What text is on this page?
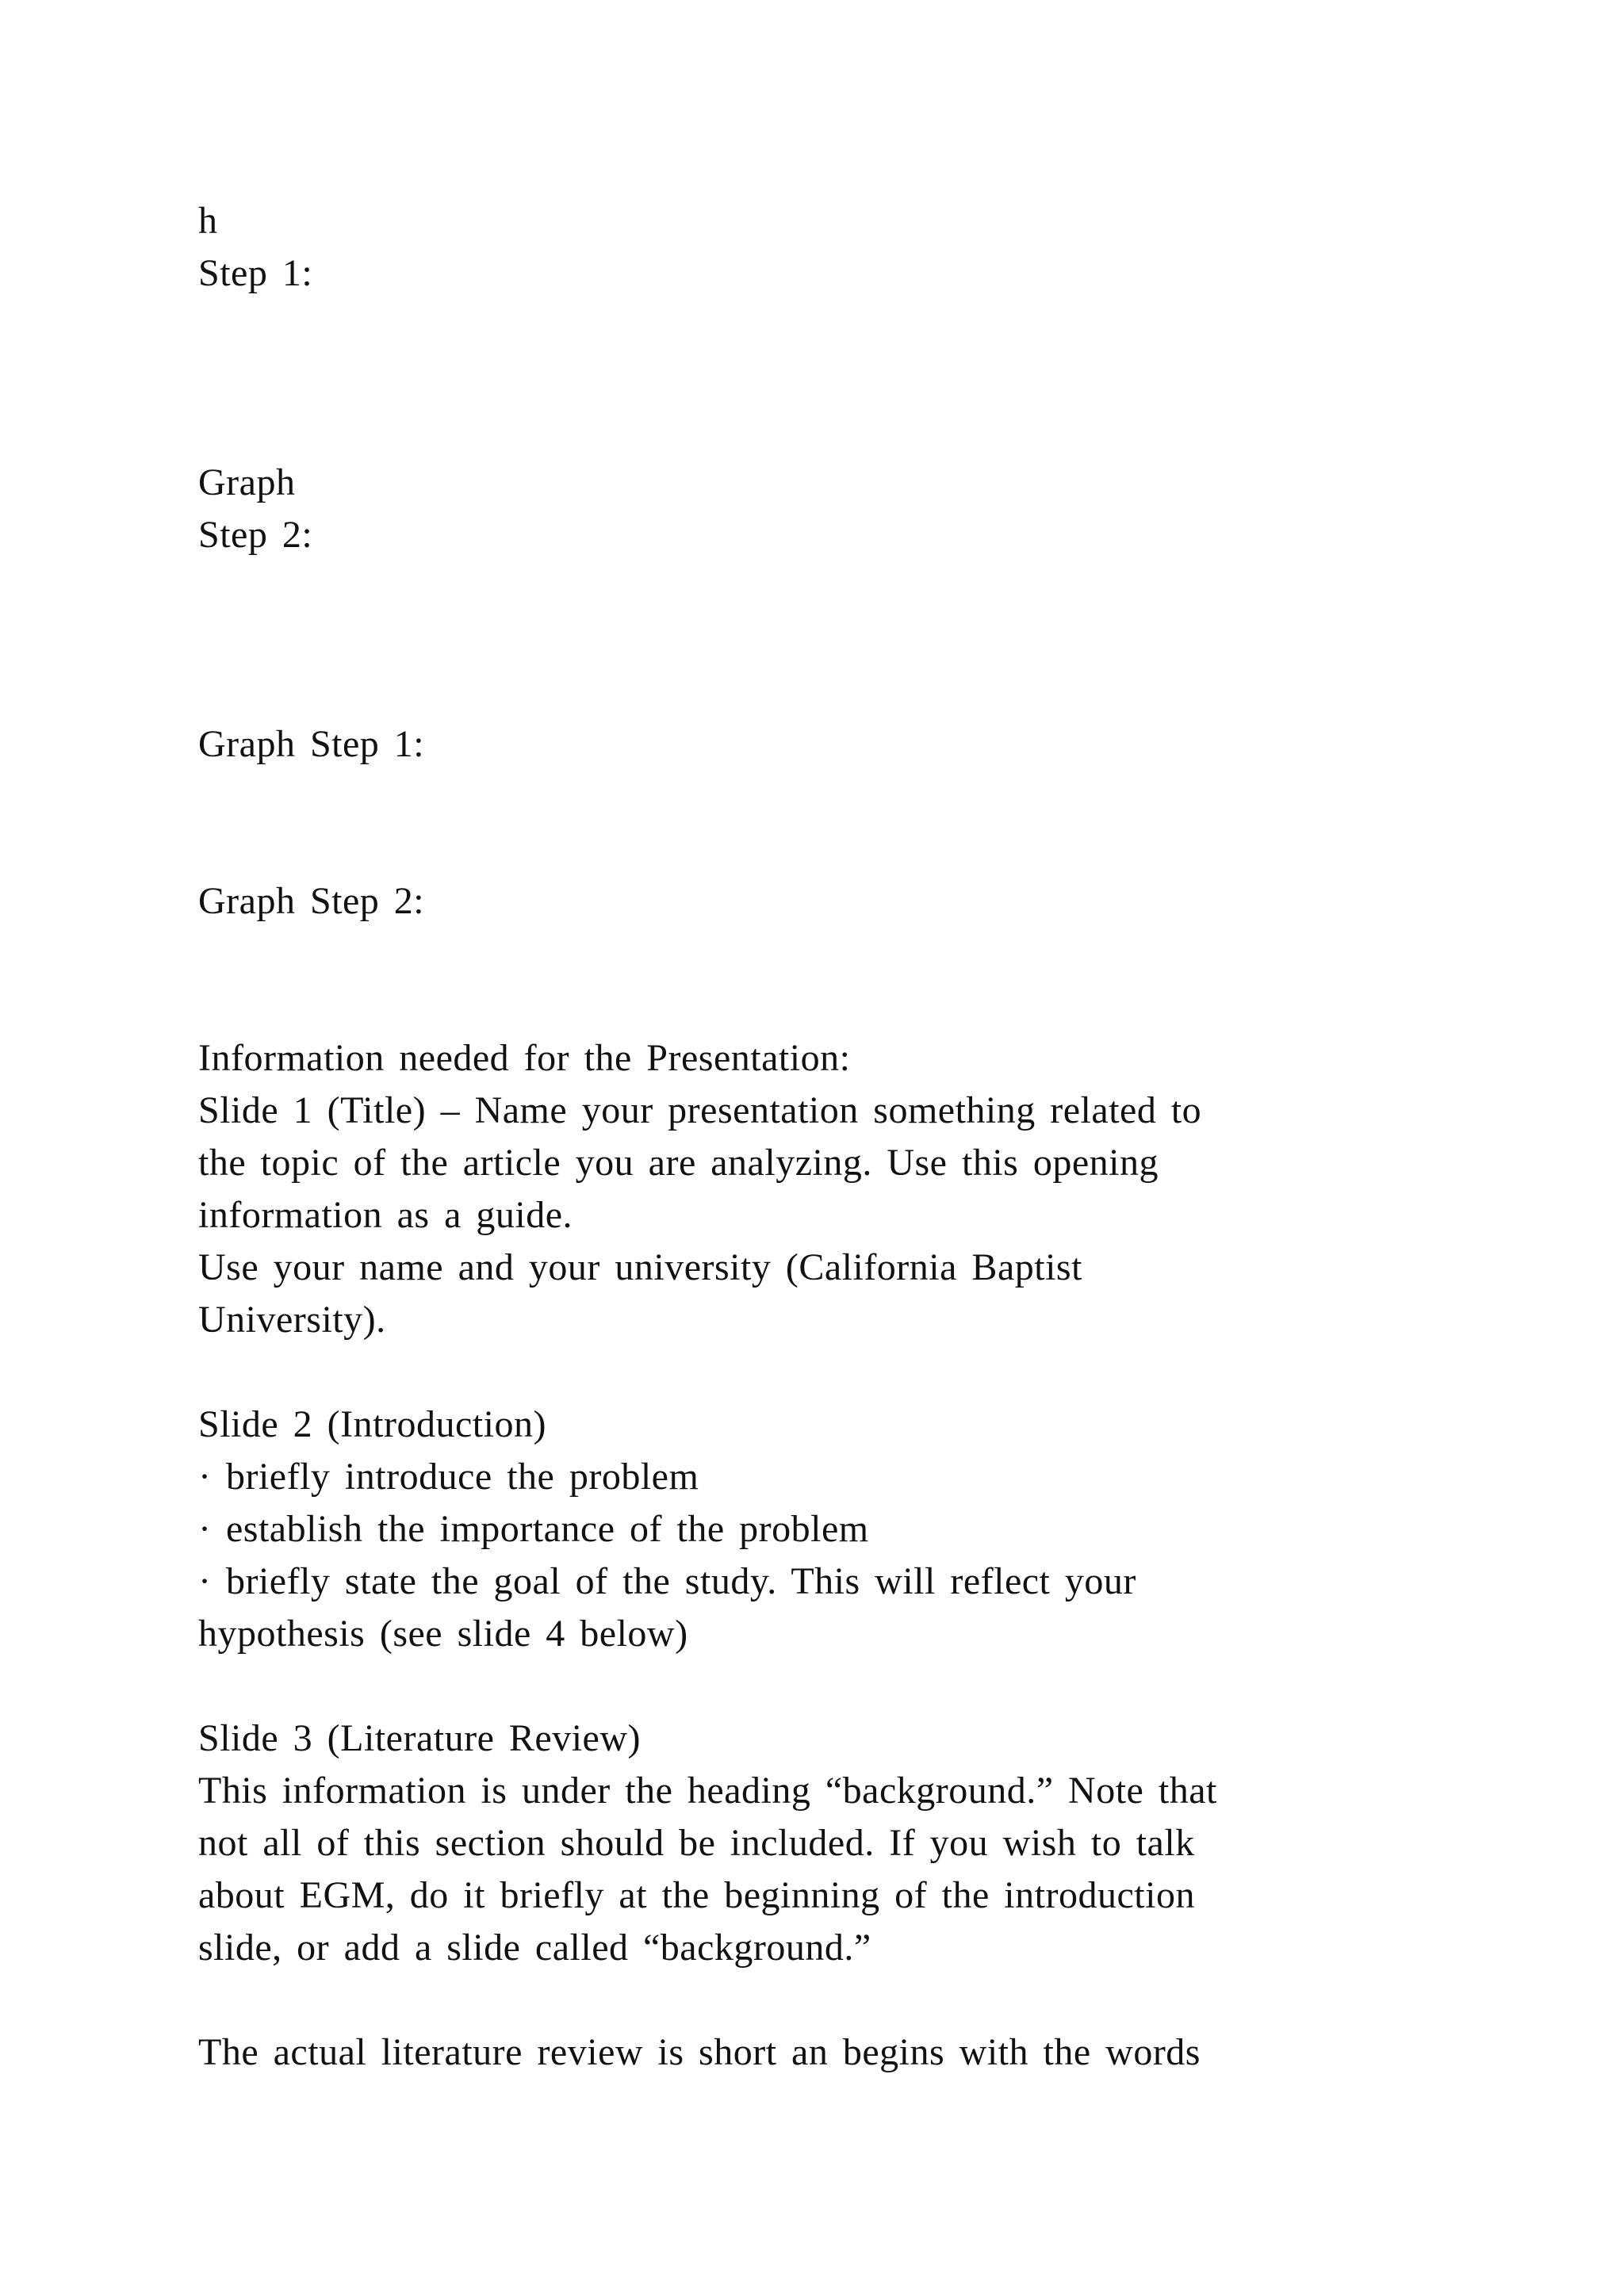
h
Step 1:
Graph
Step 2:
Graph Step 1:
Graph Step 2:
Information needed for the Presentation:
Slide 1 (Title) – Name your presentation something related to
the topic of the article you are analyzing. Use this opening
information as a guide.
Use your name and your university (California Baptist
University).
Slide 2 (Introduction)
· briefly introduce the problem
· establish the importance of the problem
· briefly state the goal of the study. This will reflect your
hypothesis (see slide 4 below)
Slide 3 (Literature Review)
This information is under the heading “background.” Note that
not all of this section should be included. If you wish to talk
about EGM, do it briefly at the beginning of the introduction
slide, or add a slide called “background.”
The actual literature review is short an begins with the words
